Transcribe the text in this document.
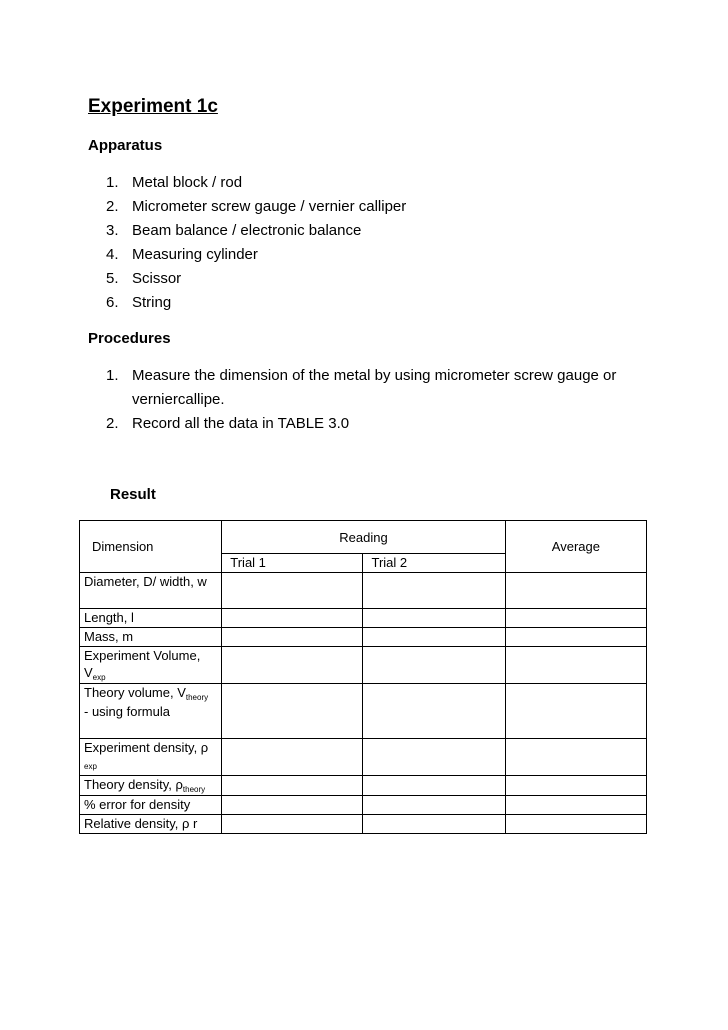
Experiment 1c
Apparatus
1. Metal block / rod
2. Micrometer screw gauge / vernier calliper
3. Beam balance / electronic balance
4. Measuring cylinder
5. Scissor
6. String
Procedures
1. Measure the dimension of the metal by using micrometer screw gauge or verniercallipe.
2. Record all the data in TABLE 3.0
Result
Dimension	Reading		Average
	Trial 1	Trial 2	
Diameter, D/ width, w			
Length, l			
Mass, m			
Experiment Volume, $V_{exp}$			
Theory volume, $V_{theory}$
- using formula			
Experiment density, ρ
exp			
Theory density, $\rho_{theory}$			
% error for density			
Relative density, ρ r			
